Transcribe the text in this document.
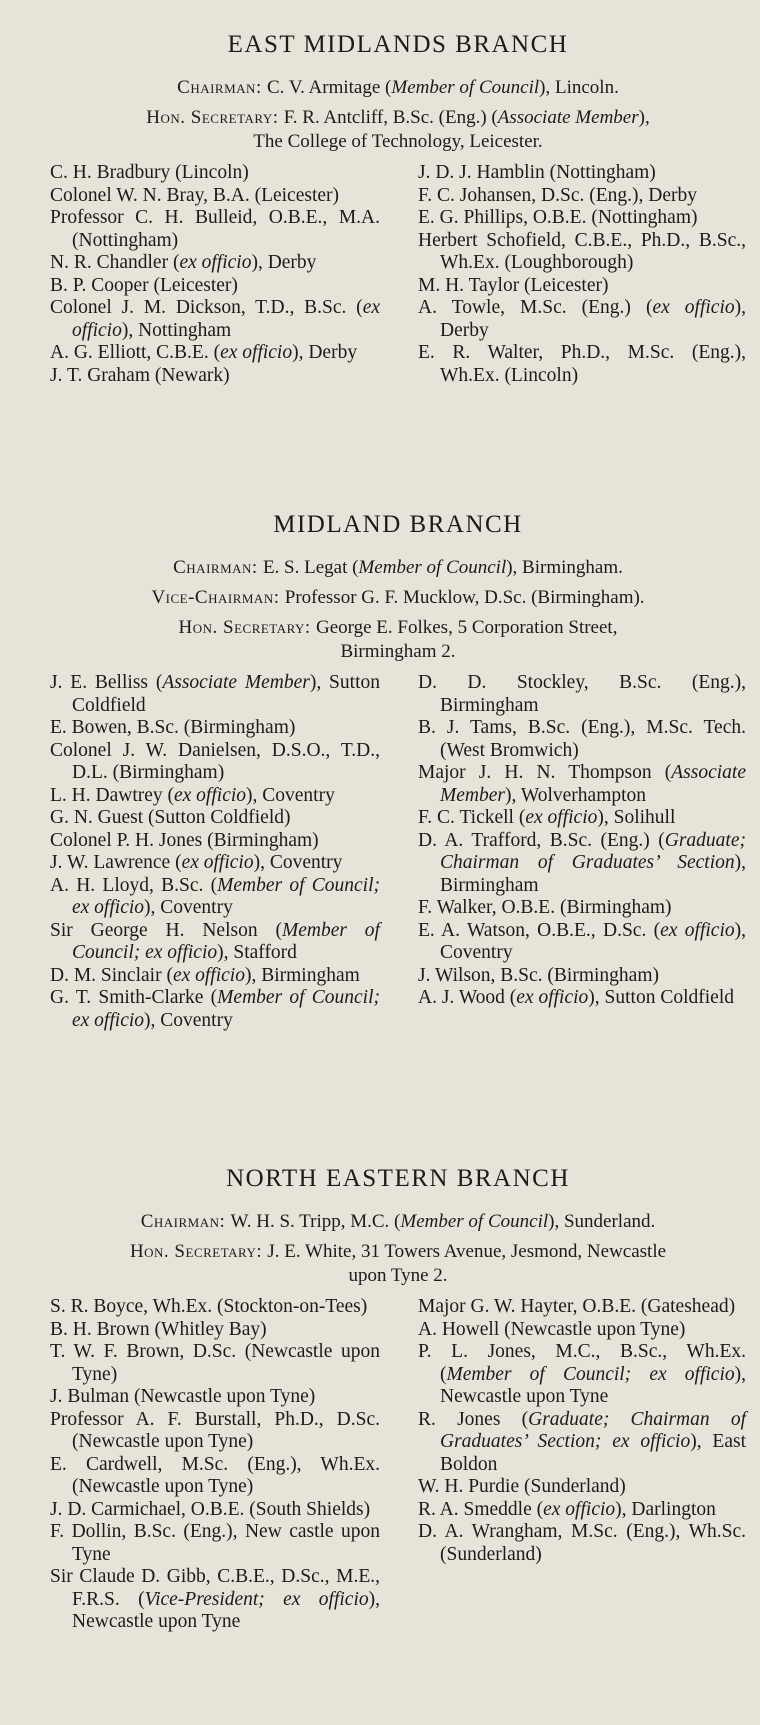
EAST MIDLANDS BRANCH

Chairman: C. V. Armitage (Member of Council), Lincoln.

Hon. Secretary: F. R. Antcliff, B.Sc. (Eng.) (Associate Member),
The College of Technology, Leicester.

C. H. Bradbury (Lincoln)
Colonel W. N. Bray, B.A. (Leicester)
Professor C. H. Bulleid, O.B.E., M.A. (Nottingham)
N. R. Chandler (ex officio), Derby
B. P. Cooper (Leicester)
Colonel J. M. Dickson, T.D., B.Sc. (ex officio), Nottingham
A. G. Elliott, C.B.E. (ex officio), Derby
J. T. Graham (Newark)
J. D. J. Hamblin (Nottingham)
F. C. Johansen, D.Sc. (Eng.), Derby
E. G. Phillips, O.B.E. (Nottingham)
Herbert Schofield, C.B.E., Ph.D., B.Sc., Wh.Ex. (Loughborough)
M. H. Taylor (Leicester)
A. Towle, M.Sc. (Eng.) (ex officio), Derby
E. R. Walter, Ph.D., M.Sc. (Eng.), Wh.Ex. (Lincoln)
MIDLAND BRANCH

Chairman: E. S. Legat (Member of Council), Birmingham.

Vice-Chairman: Professor G. F. Mucklow, D.Sc. (Birmingham).

Hon. Secretary: George E. Folkes, 5 Corporation Street,
Birmingham 2.

J. E. Belliss (Associate Member), Sutton Coldfield
E. Bowen, B.Sc. (Birmingham)
Colonel J. W. Danielsen, D.S.O., T.D., D.L. (Birmingham)
L. H. Dawtrey (ex officio), Coventry
G. N. Guest (Sutton Coldfield)
Colonel P. H. Jones (Birmingham)
J. W. Lawrence (ex officio), Coventry
A. H. Lloyd, B.Sc. (Member of Council; ex officio), Coventry
Sir George H. Nelson (Member of Council; ex officio), Stafford
D. M. Sinclair (ex officio), Birmingham
G. T. Smith-Clarke (Member of Council; ex officio), Coventry
D. D. Stockley, B.Sc. (Eng.), Birmingham
B. J. Tams, B.Sc. (Eng.), M.Sc. Tech. (West Bromwich)
Major J. H. N. Thompson (Associate Member), Wolverhampton
F. C. Tickell (ex officio), Solihull
D. A. Trafford, B.Sc. (Eng.) (Graduate; Chairman of Graduates’ Section), Birmingham
F. Walker, O.B.E. (Birmingham)
E. A. Watson, O.B.E., D.Sc. (ex officio), Coventry
J. Wilson, B.Sc. (Birmingham)
A. J. Wood (ex officio), Sutton Coldfield
NORTH EASTERN BRANCH

Chairman: W. H. S. Tripp, M.C. (Member of Council), Sunderland.

Hon. Secretary: J. E. White, 31 Towers Avenue, Jesmond, Newcastle
upon Tyne 2.

S. R. Boyce, Wh.Ex. (Stockton-on-Tees)
B. H. Brown (Whitley Bay)
T. W. F. Brown, D.Sc. (Newcastle upon Tyne)
J. Bulman (Newcastle upon Tyne)
Professor A. F. Burstall, Ph.D., D.Sc. (Newcastle upon Tyne)
E. Cardwell, M.Sc. (Eng.), Wh.Ex. (Newcastle upon Tyne)
J. D. Carmichael, O.B.E. (South Shields)
F. Dollin, B.Sc. (Eng.), New castle upon Tyne
Sir Claude D. Gibb, C.B.E., D.Sc., M.E., F.R.S. (Vice-President; ex officio), Newcastle upon Tyne
Major G. W. Hayter, O.B.E. (Gateshead)
A. Howell (Newcastle upon Tyne)
P. L. Jones, M.C., B.Sc., Wh.Ex. (Member of Council; ex officio), Newcastle upon Tyne
R. Jones (Graduate; Chairman of Graduates’ Section; ex officio), East Boldon
W. H. Purdie (Sunderland)
R. A. Smeddle (ex officio), Darlington
D. A. Wrangham, M.Sc. (Eng.), Wh.Sc. (Sunderland)
